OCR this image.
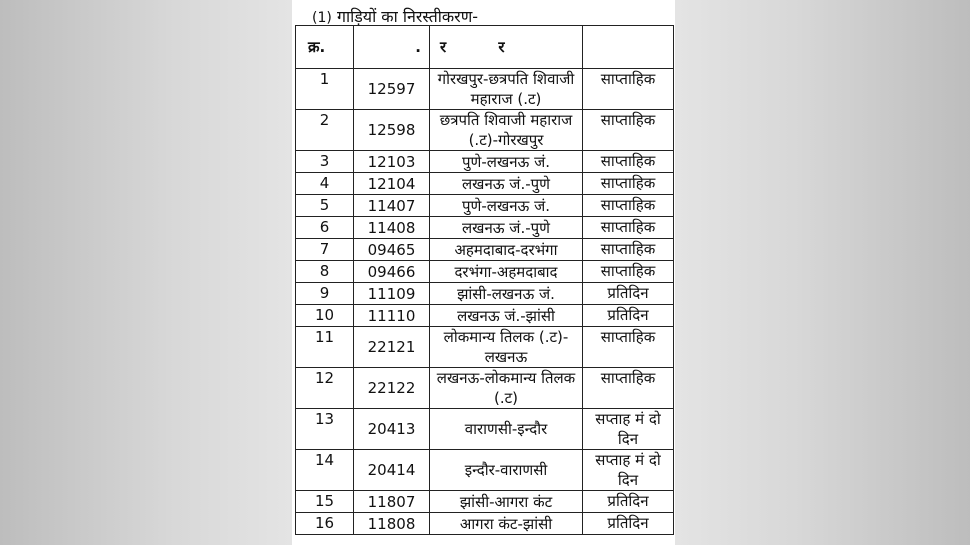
(1) गाड़ियों का निरस्तीकरण-
क्र.	.	र          र	
1	12597	गोरखपुर-छत्रपति शिवाजी महाराज (.ट)	साप्ताहिक
2	12598	छत्रपति शिवाजी महाराज (.ट)-गोरखपुर	साप्ताहिक
3	12103	पुणे-लखनऊ जं.	साप्ताहिक
4	12104	लखनऊ जं.-पुणे	साप्ताहिक
5	11407	पुणे-लखनऊ जं.	साप्ताहिक
6	11408	लखनऊ जं.-पुणे	साप्ताहिक
7	09465	अहमदाबाद-दरभंगा	साप्ताहिक
8	09466	दरभंगा-अहमदाबाद	साप्ताहिक
9	11109	झांसी-लखनऊ जं.	प्रतिदिन
10	11110	लखनऊ जं.-झांसी	प्रतिदिन
11	22121	लोकमान्य तिलक (.ट)-लखनऊ	साप्ताहिक
12	22122	लखनऊ-लोकमान्य तिलक (.ट)	साप्ताहिक
13	20413	वाराणसी-इन्दौर	सप्ताह मं दो दिन
14	20414	इन्दौर-वाराणसी	सप्ताह मं दो दिन
15	11807	झांसी-आगरा कंट	प्रतिदिन
16	11808	आगरा कंट-झांसी	प्रतिदिन
